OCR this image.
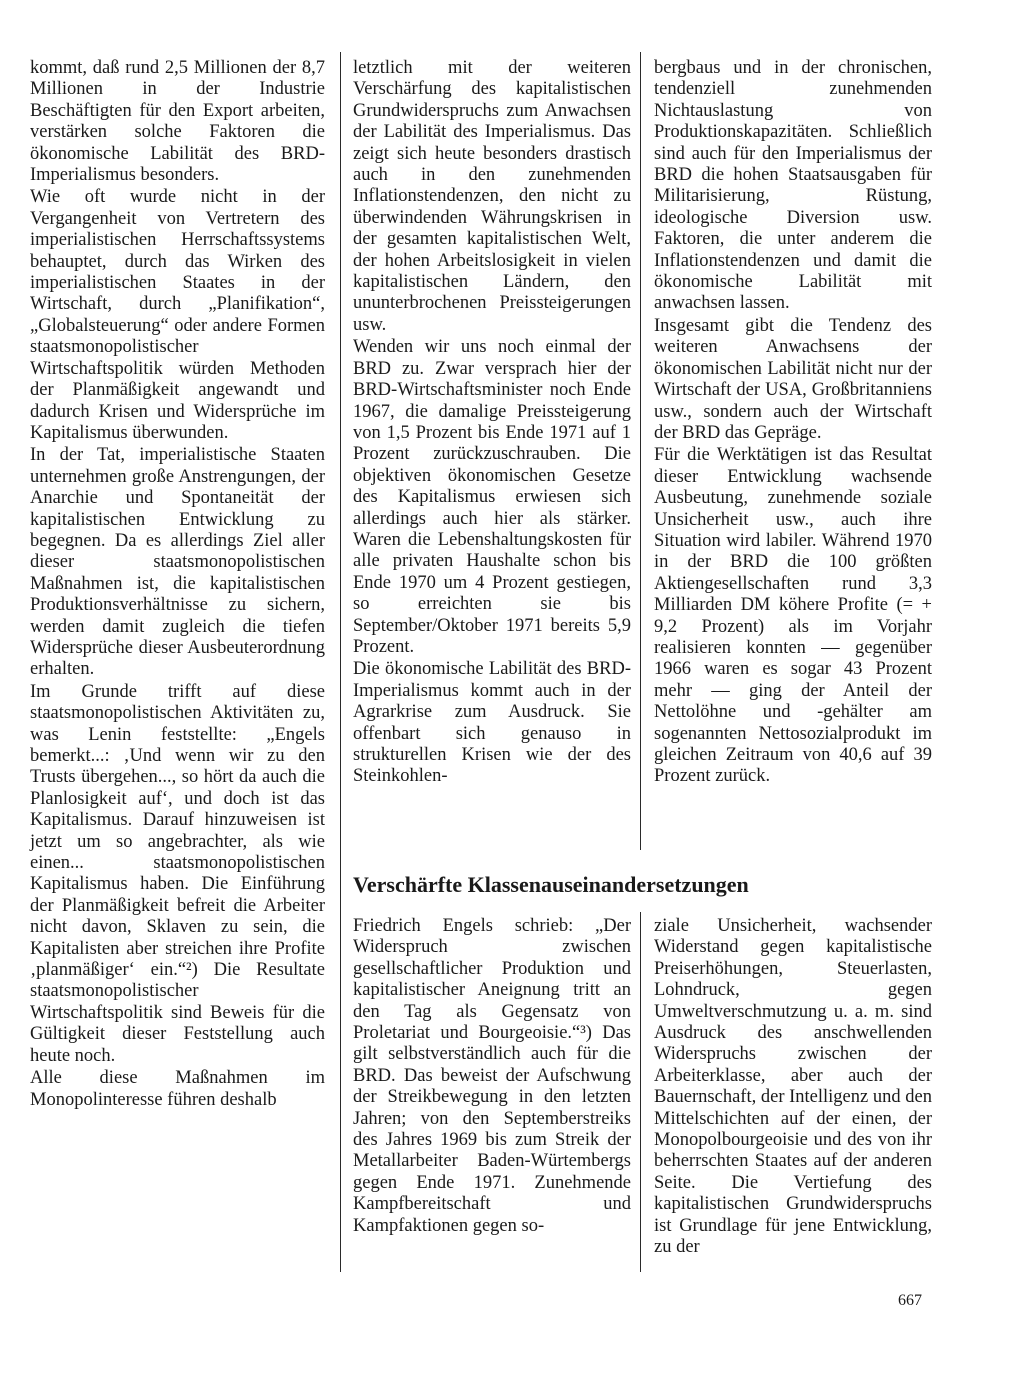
kommt, daß rund 2,5 Millionen der 8,7 Millionen in der Industrie Beschäftigten für den Export arbeiten, verstärken solche Faktoren die ökonomische Labilität des BRD-Imperialismus besonders.

Wie oft wurde nicht in der Vergangenheit von Vertretern des imperialistischen Herrschaftssystems behauptet, durch das Wirken des imperialistischen Staates in der Wirtschaft, durch „Planifikation“, „Globalsteuerung“ oder andere Formen staatsmonopolistischer Wirtschaftspolitik würden Methoden der Planmäßigkeit angewandt und dadurch Krisen und Widersprüche im Kapitalismus überwunden.

In der Tat, imperialistische Staaten unternehmen große Anstrengungen, der Anarchie und Spontaneität der kapitalistischen Entwicklung zu begegnen. Da es allerdings Ziel aller dieser staatsmonopolistischen Maßnahmen ist, die kapitalistischen Produktionsverhältnisse zu sichern, werden damit zugleich die tiefen Widersprüche dieser Ausbeuterordnung erhalten.

Im Grunde trifft auf diese staatsmonopolistischen Aktivitäten zu, was Lenin feststellte: „Engels bemerkt...: ‚Und wenn wir zu den Trusts übergehen..., so hört da auch die Planlosigkeit auf‘, und doch ist das Kapitalismus. Darauf hinzuweisen ist jetzt um so angebrachter, als wie einen... staatsmonopolistischen Kapitalismus haben. Die Einführung der Planmäßigkeit befreit die Arbeiter nicht davon, Sklaven zu sein, die Kapitalisten aber streichen ihre Profite ‚planmäßiger‘ ein.“²) Die Resultate staatsmonopolistischer Wirtschaftspolitik sind Beweis für die Gültigkeit dieser Feststellung auch heute noch.

Alle diese Maßnahmen im Monopolinteresse führen deshalb

letztlich mit der weiteren Verschärfung des kapitalistischen Grundwiderspruchs zum Anwachsen der Labilität des Imperialismus. Das zeigt sich heute besonders drastisch auch in den zunehmenden Inflationstendenzen, den nicht zu überwindenden Währungskrisen in der gesamten kapitalistischen Welt, der hohen Arbeitslosigkeit in vielen kapitalistischen Ländern, den ununterbrochenen Preissteigerungen usw.

Wenden wir uns noch einmal der BRD zu. Zwar versprach hier der BRD-Wirtschaftsminister noch Ende 1967, die damalige Preissteigerung von 1,5 Prozent bis Ende 1971 auf 1 Prozent zurückzuschrauben. Die objektiven ökonomischen Gesetze des Kapitalismus erwiesen sich allerdings auch hier als stärker. Waren die Lebenshaltungskosten für alle privaten Haushalte schon bis Ende 1970 um 4 Prozent gestiegen, so erreichten sie bis September/Oktober 1971 bereits 5,9 Prozent.

Die ökonomische Labilität des BRD-Imperialismus kommt auch in der Agrarkrise zum Ausdruck. Sie offenbart sich genauso in strukturellen Krisen wie der des Steinkohlen-

bergbaus und in der chronischen, tendenziell zunehmenden Nichtauslastung von Produktionskapazitäten. Schließlich sind auch für den Imperialismus der BRD die hohen Staatsausgaben für Militarisierung, Rüstung, ideologische Diversion usw. Faktoren, die unter anderem die Inflationstendenzen und damit die ökonomische Labilität mit anwachsen lassen.

Insgesamt gibt die Tendenz des weiteren Anwachsens der ökonomischen Labilität nicht nur der Wirtschaft der USA, Großbritanniens usw., sondern auch der Wirtschaft der BRD das Gepräge.

Für die Werktätigen ist das Resultat dieser Entwicklung wachsende Ausbeutung, zunehmende soziale Unsicherheit usw., auch ihre Situation wird labiler. Während 1970 in der BRD die 100 größten Aktiengesellschaften rund 3,3 Milliarden DM köhere Profite (= + 9,2 Prozent) als im Vorjahr realisieren konnten — gegenüber 1966 waren es sogar 43 Prozent mehr — ging der Anteil der Nettolöhne und -gehälter am sogenannten Nettosozialprodukt im gleichen Zeitraum von 40,6 auf 39 Prozent zurück.

Verschärfte Klassenauseinandersetzungen

Friedrich Engels schrieb: „Der Widerspruch zwischen gesellschaftlicher Produktion und kapitalistischer Aneignung tritt an den Tag als Gegensatz von Proletariat und Bourgeoisie.“³) Das gilt selbstverständlich auch für die BRD. Das beweist der Aufschwung der Streikbewegung in den letzten Jahren; von den Septemberstreiks des Jahres 1969 bis zum Streik der Metallarbeiter Baden-Würtembergs gegen Ende 1971. Zunehmende Kampfbereitschaft und Kampfaktionen gegen so-

ziale Unsicherheit, wachsender Widerstand gegen kapitalistische Preiserhöhungen, Steuerlasten, Lohndruck, gegen Umweltverschmutzung u. a. m. sind Ausdruck des anschwellenden Widerspruchs zwischen der Arbeiterklasse, aber auch der Bauernschaft, der Intelligenz und den Mittelschichten auf der einen, der Monopolbourgeoisie und des von ihr beherrschten Staates auf der anderen Seite. Die Vertiefung des kapitalistischen Grundwiderspruchs ist Grundlage für jene Entwicklung, zu der

667
